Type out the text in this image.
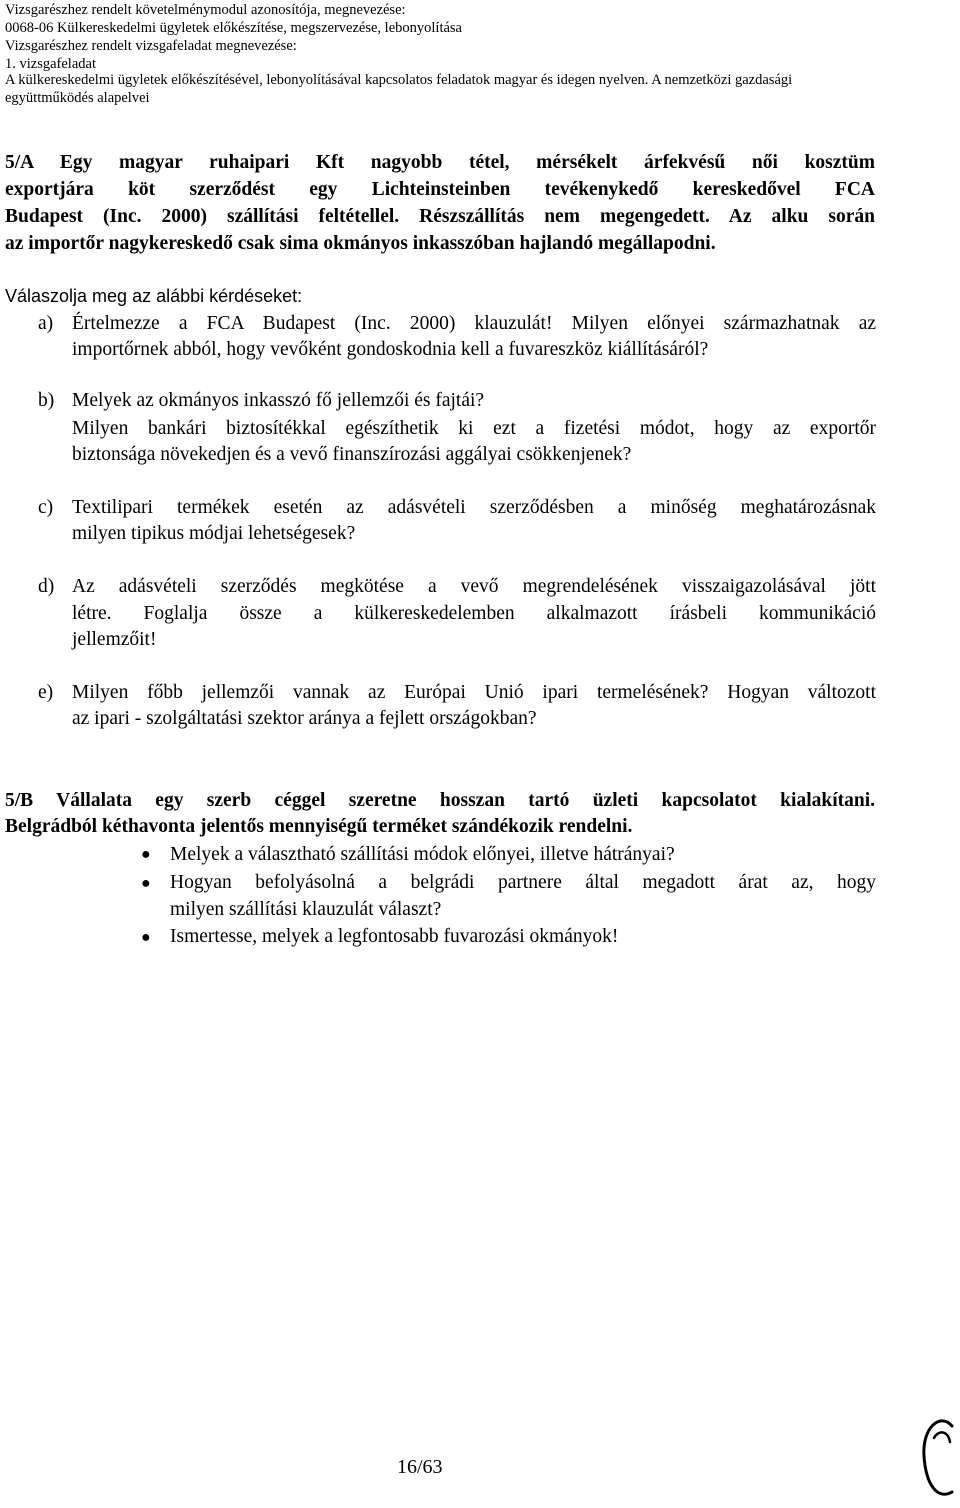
Vizsgarészhez rendelt követelménymodul azonosítója, megnevezése:
0068-06 Külkereskedelmi ügyletek előkészítése, megszervezése, lebonyolítása
Vizsgarészhez rendelt vizsgafeladat megnevezése:
1. vizsgafeladat
A külkereskedelmi ügyletek előkészítésével, lebonyolításával kapcsolatos feladatok magyar és idegen nyelven. A nemzetközi gazdasági
együttműködés alapelvei
5/A Egy magyar ruhaipari Kft nagyobb tétel, mérsékelt árfekvésű női kosztüm
exportjára köt szerződést egy Lichteinsteinben tevékenykedő kereskedővel FCA
Budapest (Inc. 2000) szállítási feltétellel. Részszállítás nem megengedett. Az alku során
az importőr nagykereskedő csak sima okmányos inkasszóban hajlandó megállapodni.
Válaszolja meg az alábbi kérdéseket:
a) Értelmezze a FCA Budapest (Inc. 2000) klauzulát! Milyen előnyei származhatnak az
importőrnek abból, hogy vevőként gondoskodnia kell a fuvareszköz kiállításáról?
b) Melyek az okmányos inkasszó fő jellemzői és fajtái?
Milyen bankári biztosítékkal egészíthetik ki ezt a fizetési módot, hogy az exportőr
biztonsága növekedjen és a vevő finanszírozási aggályai csökkenjenek?
c) Textilipari termékek esetén az adásvételi szerződésben a minőség meghatározásnak
milyen tipikus módjai lehetségesek?
d) Az adásvételi szerződés megkötése a vevő megrendelésének visszaigazolásával jött
létre. Foglalja össze a külkereskedelemben alkalmazott írásbeli kommunikáció
jellemzőit!
e) Milyen főbb jellemzői vannak az Európai Unió ipari termelésének? Hogyan változott
az ipari - szolgáltatási szektor aránya a fejlett országokban?
5/B Vállalata egy szerb céggel szeretne hosszan tartó üzleti kapcsolatot kialakítani.
Belgrádból kéthavonta jelentős mennyiségű terméket szándékozik rendelni.
● Melyek a választható szállítási módok előnyei, illetve hátrányai?
● Hogyan befolyásolná a belgrádi partnere által megadott árat az, hogy
milyen szállítási klauzulát választ?
● Ismertesse, melyek a legfontosabb fuvarozási okmányok!
16/63
